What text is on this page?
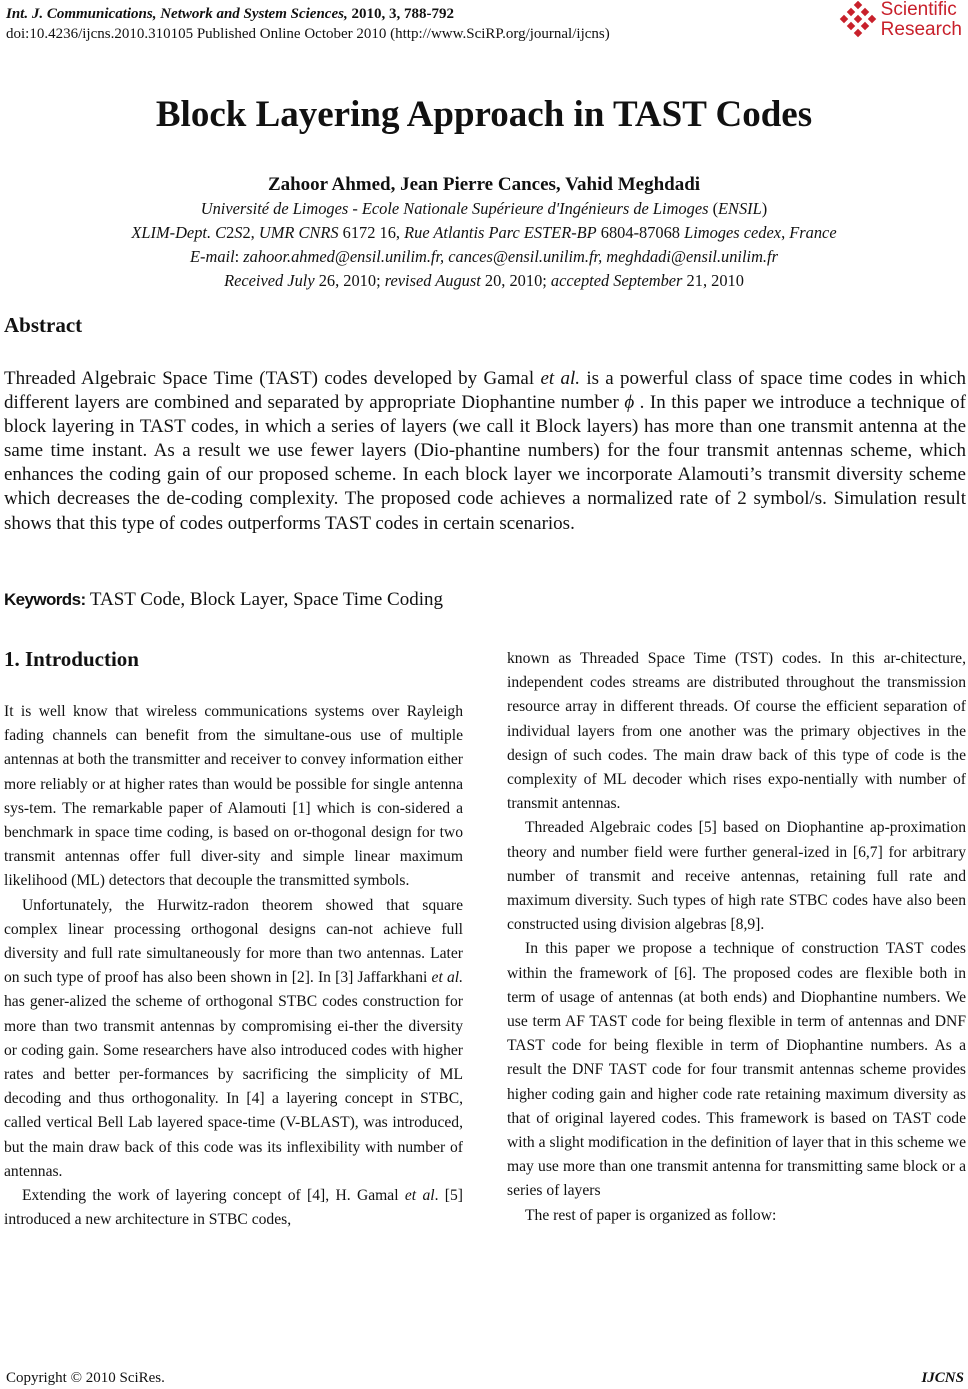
Int. J. Communications, Network and System Sciences, 2010, 3, 788-792
doi:10.4236/ijcns.2010.310105 Published Online October 2010 (http://www.SciRP.org/journal/ijcns)
Scientific
Research
Block Layering Approach in TAST Codes
Zahoor Ahmed, Jean Pierre Cances, Vahid Meghdadi
Université de Limoges - Ecole Nationale Supérieure d'Ingénieurs de Limoges (ENSIL)
XLIM-Dept. C2S2, UMR CNRS 6172 16, Rue Atlantis Parc ESTER-BP 6804-87068 Limoges cedex, France
E-mail: zahoor.ahmed@ensil.unilim.fr, cances@ensil.unilim.fr, meghdadi@ensil.unilim.fr
Received July 26, 2010; revised August 20, 2010; accepted September 21, 2010
Abstract
Threaded Algebraic Space Time (TAST) codes developed by Gamal et al. is a powerful class of space time codes in which different layers are combined and separated by appropriate Diophantine number ϕ . In this paper we introduce a technique of block layering in TAST codes, in which a series of layers (we call it Block layers) has more than one transmit antenna at the same time instant. As a result we use fewer layers (Dio-phantine numbers) for the four transmit antennas scheme, which enhances the coding gain of our proposed scheme. In each block layer we incorporate Alamouti’s transmit diversity scheme which decreases the de-coding complexity. The proposed code achieves a normalized rate of 2 symbol/s. Simulation result shows that this type of codes outperforms TAST codes in certain scenarios.
Keywords: TAST Code, Block Layer, Space Time Coding
1. Introduction

It is well know that wireless communications systems over Rayleigh fading channels can benefit from the simultane-ous use of multiple antennas at both the transmitter and receiver to convey information either more reliably or at higher rates than would be possible for single antenna sys-tem. The remarkable paper of Alamouti [1] which is con-sidered a benchmark in space time coding, is based on or-thogonal design for two transmit antennas offer full diver-sity and simple linear maximum likelihood (ML) detectors that decouple the transmitted symbols.

Unfortunately, the Hurwitz-radon theorem showed that square complex linear processing orthogonal designs can-not achieve full diversity and full rate simultaneously for more than two antennas. Later on such type of proof has also been shown in [2]. In [3] Jaffarkhani et al. has gener-alized the scheme of orthogonal STBC codes construction for more than two transmit antennas by compromising ei-ther the diversity or coding gain. Some researchers have also introduced codes with higher rates and better per-formances by sacrificing the simplicity of ML decoding and thus orthogonality. In [4] a layering concept in STBC, called vertical Bell Lab layered space-time (V-BLAST), was introduced, but the main draw back of this code was its inflexibility with number of antennas.

Extending the work of layering concept of [4], H. Gamal et al. [5] introduced a new architecture in STBC codes,

known as Threaded Space Time (TST) codes. In this ar-chitecture, independent codes streams are distributed throughout the transmission resource array in different threads. Of course the efficient separation of individual layers from one another was the primary objectives in the design of such codes. The main draw back of this type of code is the complexity of ML decoder which rises expo-nentially with number of transmit antennas.

Threaded Algebraic codes [5] based on Diophantine ap-proximation theory and number field were further general-ized in [6,7] for arbitrary number of transmit and receive antennas, retaining full rate and maximum diversity. Such types of high rate STBC codes have also been constructed using division algebras [8,9].

In this paper we propose a technique of construction TAST codes within the framework of [6]. The proposed codes are flexible both in term of usage of antennas (at both ends) and Diophantine numbers. We use term AF TAST code for being flexible in term of antennas and DNF TAST code for being flexible in term of Diophantine numbers. As a result the DNF TAST code for four transmit antennas scheme provides higher coding gain and higher code rate retaining maximum diversity as that of original layered codes. This framework is based on TAST code with a slight modification in the definition of layer that in this scheme we may use more than one transmit antenna for transmitting same block or a series of layers

The rest of paper is organized as follow:

Copyright © 2010 SciRes.	IJCNS
